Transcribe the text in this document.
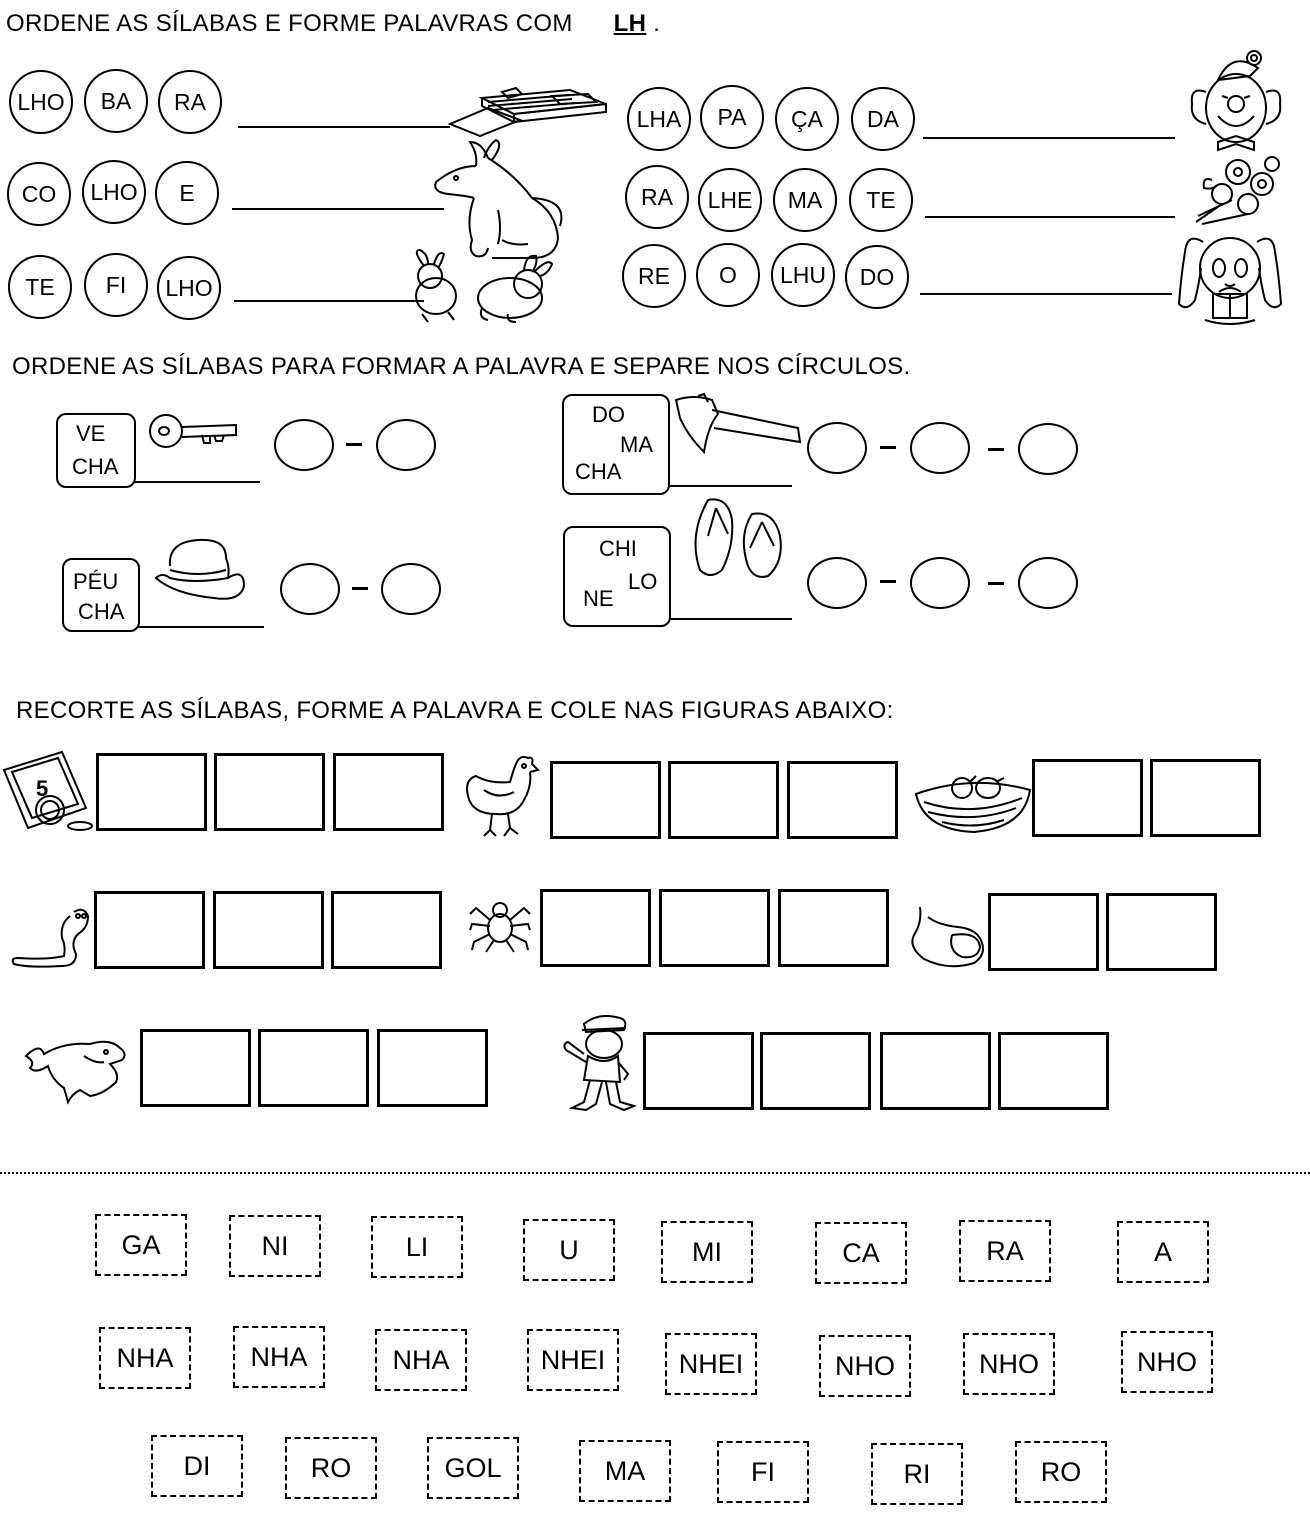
ORDENE AS SÍLABAS E FORME PALAVRAS COM LH .
LHO	BA	RA
CO	LHO	E
TE	FI	LHO
LHA	PA	ÇA	DA
RA	LHE	MA	TE
RE	O	LHU	DO
ORDENE AS SÍLABAS PARA FORMAR A PALAVRA E SEPARE NOS CÍRCULOS.
VE
CHA
DO
MA
CHA
PÉU
CHA
CHI
LO
NE
RECORTE AS SÍLABAS, FORME A PALAVRA E COLE NAS FIGURAS ABAIXO:
5
GA	NI	LI	U	MI	CA	RA	A
NHA	NHA	NHA	NHEI	NHEI	NHO	NHO	NHO
DI	RO	GOL	MA	FI	RI	RO
